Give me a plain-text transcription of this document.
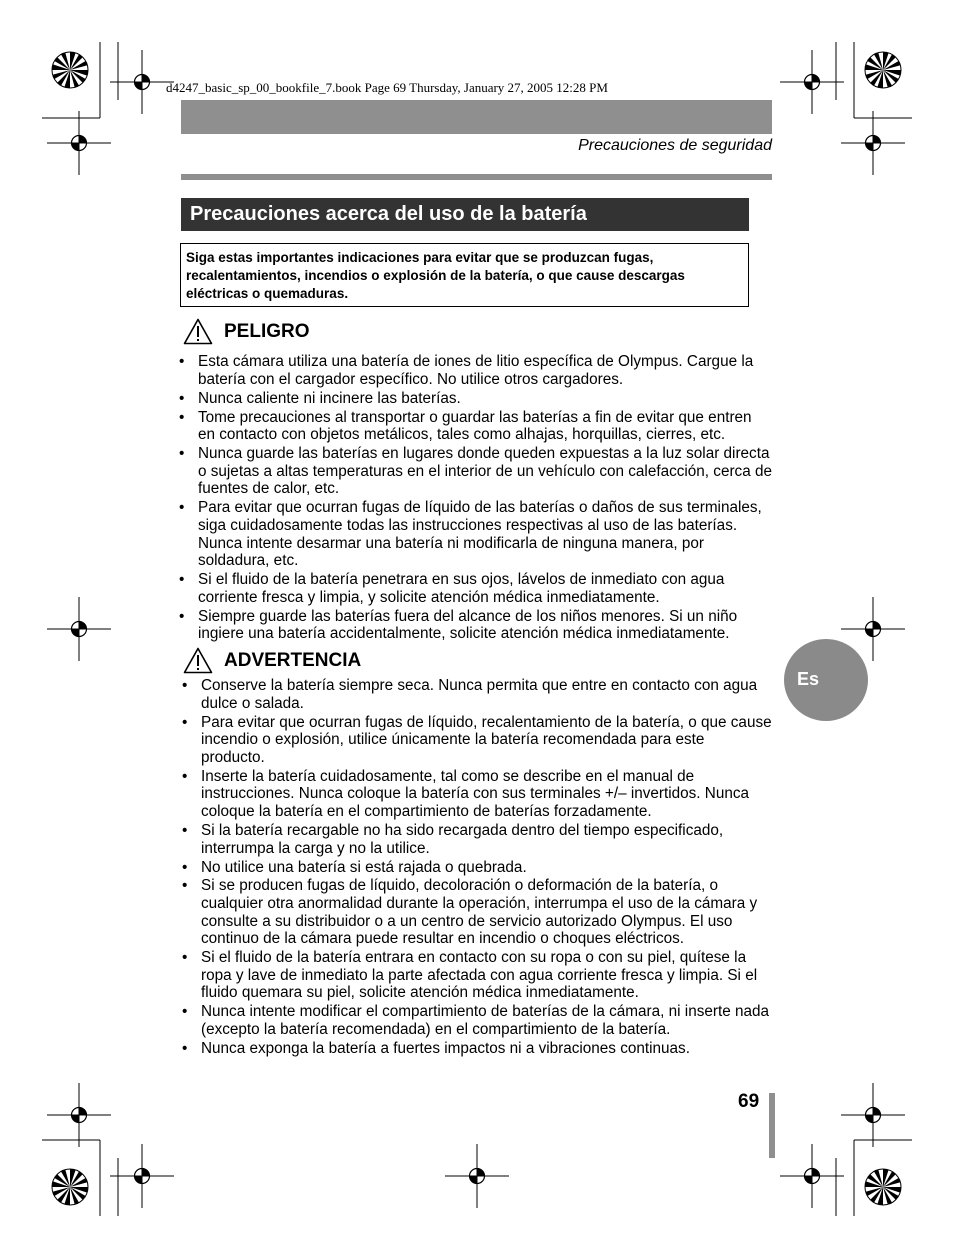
d4247_basic_sp_00_bookfile_7.book Page 69 Thursday, January 27, 2005 12:28 PM
Precauciones de seguridad
Precauciones acerca del uso de la batería
Siga estas importantes indicaciones para evitar que se produzcan fugas, recalentamientos, incendios o explosión de la batería, o que cause descargas eléctricas o quemaduras.
PELIGRO
• Esta cámara utiliza una batería de iones de litio específica de Olympus. Cargue la batería con el cargador específico. No utilice otros cargadores.
• Nunca caliente ni incinere las baterías.
• Tome precauciones al transportar o guardar las baterías a fin de evitar que entren en contacto con objetos metálicos, tales como alhajas, horquillas, cierres, etc.
• Nunca guarde las baterías en lugares donde queden expuestas a la luz solar directa o sujetas a altas temperaturas en el interior de un vehículo con calefacción, cerca de fuentes de calor, etc.
• Para evitar que ocurran fugas de líquido de las baterías o daños de sus terminales, siga cuidadosamente todas las instrucciones respectivas al uso de las baterías. Nunca intente desarmar una batería ni modificarla de ninguna manera, por soldadura, etc.
• Si el fluido de la batería penetrara en sus ojos, lávelos de inmediato con agua corriente fresca y limpia, y solicite atención médica inmediatamente.
• Siempre guarde las baterías fuera del alcance de los niños menores. Si un niño ingiere una batería accidentalmente, solicite atención médica inmediatamente.
ADVERTENCIA
• Conserve la batería siempre seca. Nunca permita que entre en contacto con agua dulce o salada.
• Para evitar que ocurran fugas de líquido, recalentamiento de la batería, o que cause incendio o explosión, utilice únicamente la batería recomendada para este producto.
• Inserte la batería cuidadosamente, tal como se describe en el manual de instrucciones. Nunca coloque la batería con sus terminales +/– invertidos. Nunca coloque la batería en el compartimiento de baterías forzadamente.
• Si la batería recargable no ha sido recargada dentro del tiempo especificado, interrumpa la carga y no la utilice.
• No utilice una batería si está rajada o quebrada.
• Si se producen fugas de líquido, decoloración o deformación de la batería, o cualquier otra anormalidad durante la operación, interrumpa el uso de la cámara y consulte a su distribuidor o a un centro de servicio autorizado Olympus. El uso continuo de la cámara puede resultar en incendio o choques eléctricos.
• Si el fluido de la batería entrara en contacto con su ropa o con su piel, quítese la ropa y lave de inmediato la parte afectada con agua corriente fresca y limpia. Si el fluido quemara su piel, solicite atención médica inmediatamente.
• Nunca intente modificar el compartimiento de baterías de la cámara, ni inserte nada (excepto la batería recomendada) en el compartimiento de la batería.
• Nunca exponga la batería a fuertes impactos ni a vibraciones continuas.
Es
69
